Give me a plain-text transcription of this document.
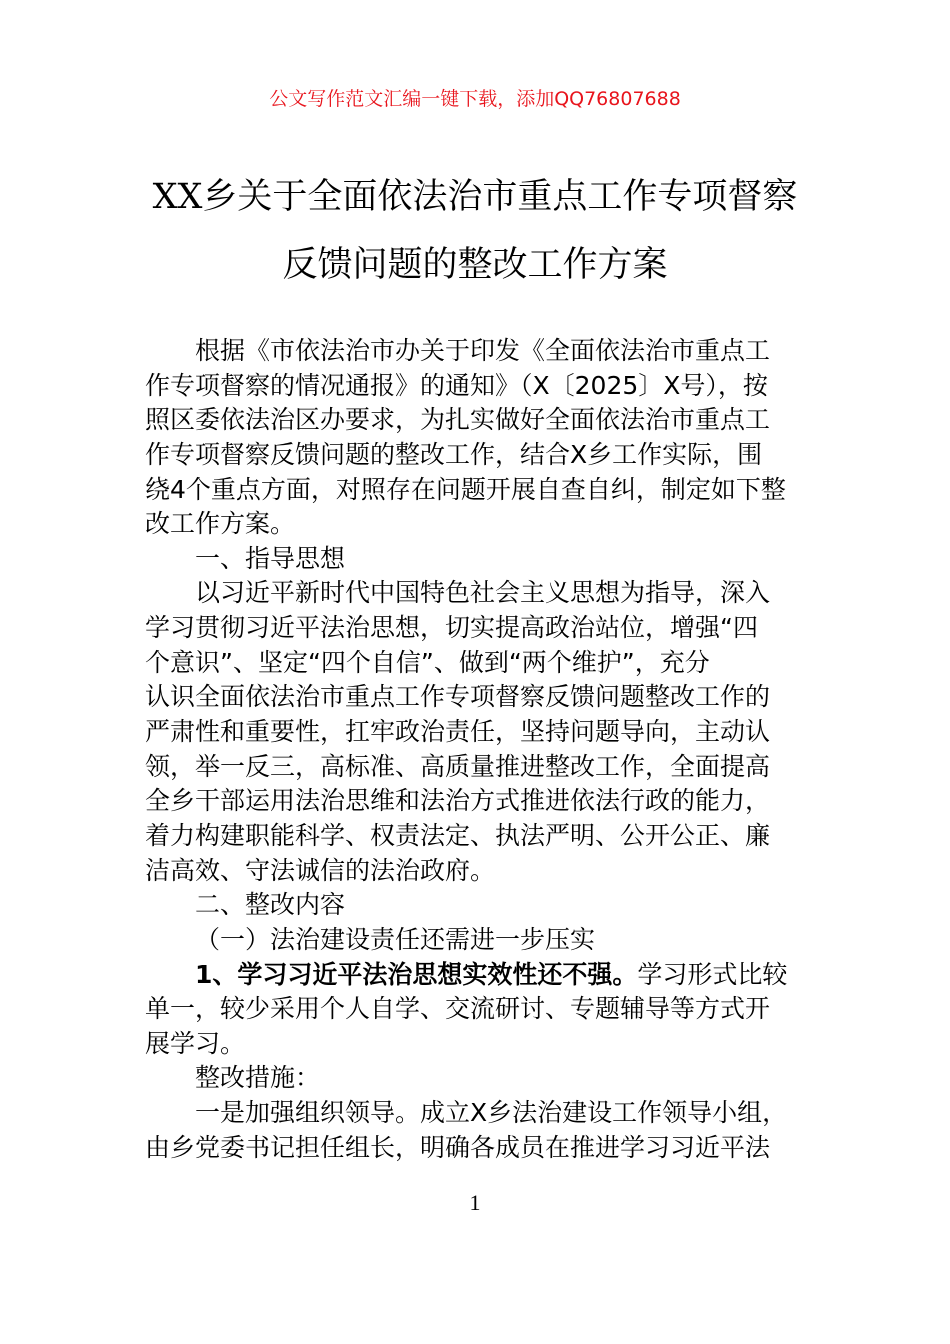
公文写作范文汇编一键下载，添加QQ76807688
XX乡关于全面依法治市重点工作专项督察
反馈问题的整改工作方案
根据《市依法治市办关于印发《全面依法治市重点工
作专项督察的情况通报》的通知》（X〔2025〕X号），按
照区委依法治区办要求，为扎实做好全面依法治市重点工
作专项督察反馈问题的整改工作，结合X乡工作实际，围
绕4个重点方面，对照存在问题开展自查自纠，制定如下整
改工作方案。
一、指导思想
以习近平新时代中国特色社会主义思想为指导，深入
学习贯彻习近平法治思想，切实提高政治站位，增强“四
个意识”、坚定“四个自信”、做到“两个维护”，充分
认识全面依法治市重点工作专项督察反馈问题整改工作的
严肃性和重要性，扛牢政治责任，坚持问题导向，主动认
领，举一反三，高标准、高质量推进整改工作，全面提高
全乡干部运用法治思维和法治方式推进依法行政的能力，
着力构建职能科学、权责法定、执法严明、公开公正、廉
洁高效、守法诚信的法治政府。
二、整改内容
（一）法治建设责任还需进一步压实
1、学习习近平法治思想实效性还不强。学习形式比较
单一，较少采用个人自学、交流研讨、专题辅导等方式开
展学习。
整改措施：
一是加强组织领导。成立X乡法治建设工作领导小组，
由乡党委书记担任组长，明确各成员在推进学习习近平法
1
